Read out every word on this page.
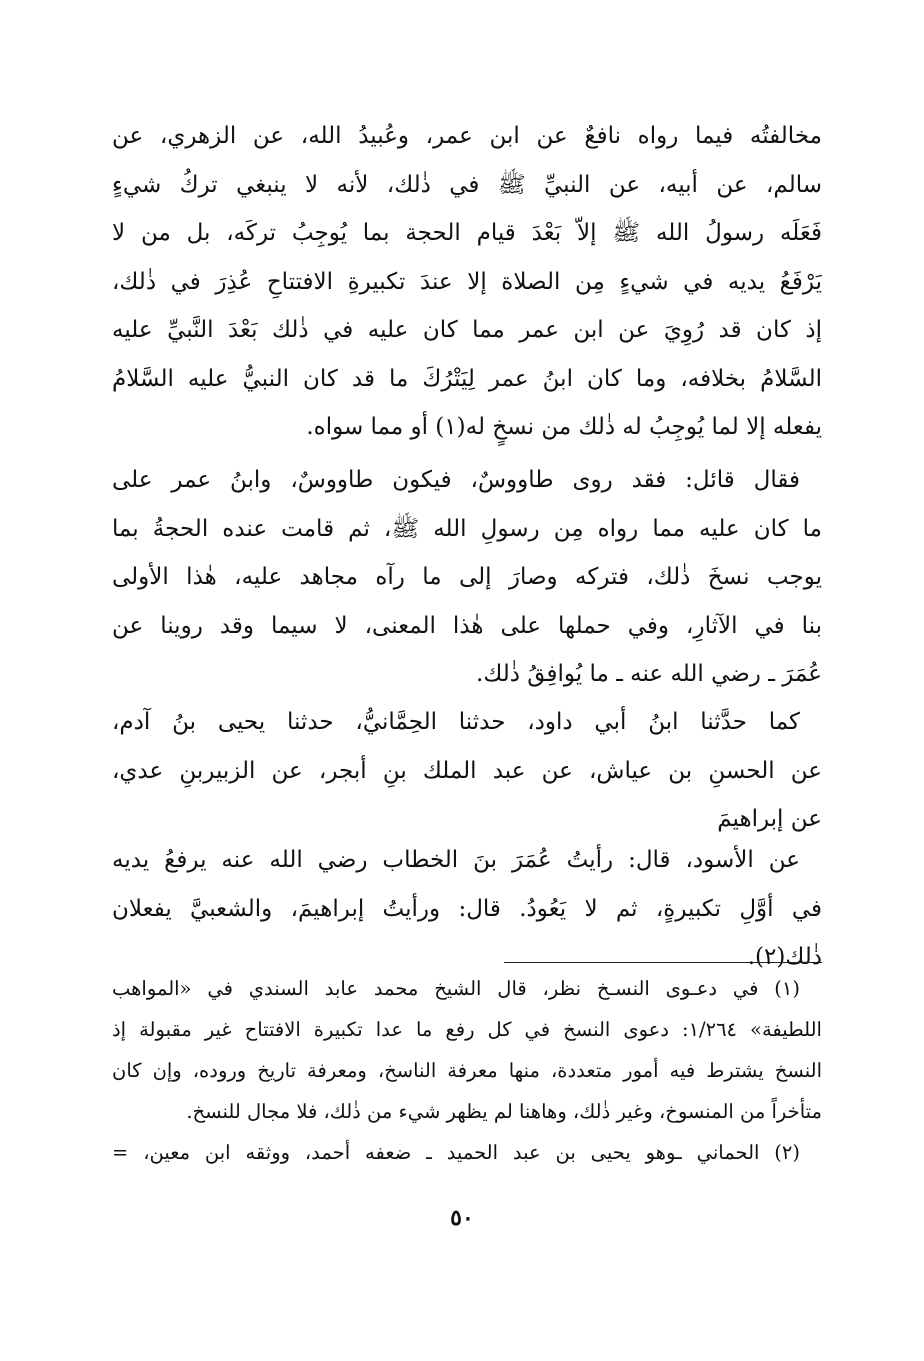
مخالفتُه فيما رواه نافعٌ عن ابن عمر، وعُبيدُ الله، عن الزهري، عن
سالم، عن أبيه، عن النبيِّ ﷺ في ذٰلك، لأنه لا ينبغي تركُ شيءٍ
فَعَلَه رسولُ الله ﷺ إلاّ بَعْدَ قيام الحجة بما يُوجِبُ تركَه، بل من لا
يَرْفَعُ يديه في شيءٍ مِن الصلاة إلا عندَ تكبيرةِ الافتتاحِ عُذِرَ في ذٰلك،
إذ كان قد رُوِيَ عن ابن عمر مما كان عليه في ذٰلك بَعْدَ النَّبيِّ عليه
السَّلامُ بخلافه، وما كان ابنُ عمر لِيَتْرُكَ ما قد كان النبيُّ عليه السَّلامُ
يفعله إلا لما يُوجِبُ له ذٰلك من نسخٍ له(١) أو مما سواه.
فقال قائل: فقد روى طاووسٌ، فيكون طاووسٌ، وابنُ عمر على
ما كان عليه مما رواه مِن رسولِ الله ﷺ، ثم قامت عنده الحجةُ بما
يوجب نسخَ ذٰلك، فتركه وصارَ إلى ما رآه مجاهد عليه، هٰذا الأولى
بنا في الآثارِ، وفي حملها على هٰذا المعنى، لا سيما وقد روينا عن
عُمَرَ ـ رضي الله عنه ـ ما يُوافِقُ ذٰلك.
كما حدَّثنا ابنُ أبي داود، حدثنا الحِمَّانيُّ، حدثنا يحيى بنُ آدم،
عن الحسنِ بن عياش، عن عبد الملك بنِ أبجر، عن الزبيربنِ عدي،
عن إبراهيمَ
عن الأسود، قال: رأيتُ عُمَرَ بنَ الخطاب رضي الله عنه يرفعُ يديه
في أوَّلِ تكبيرةٍ، ثم لا يَعُودُ. قال: ورأيتُ إبراهيمَ، والشعبيَّ يفعلان
ذٰلك(٢).
(١) في دعـوى النسـخ نظر، قال الشيخ محمد عابد السندي في «المواهب
اللطيفة» ١/٢٦٤: دعوى النسخ في كل رفع ما عدا تكبيرة الافتتاح غير مقبولة إذ
النسخ يشترط فيه أمور متعددة، منها معرفة الناسخ، ومعرفة تاريخ وروده، وإن كان
متأخراً من المنسوخ، وغير ذٰلك، وهاهنا لم يظهر شيء من ذٰلك، فلا مجال للنسخ.
(٢) الحماني ـوهو يحيى بن عبد الحميد ـ ضعفه أحمد، ووثقه ابن معين، =
٥٠
